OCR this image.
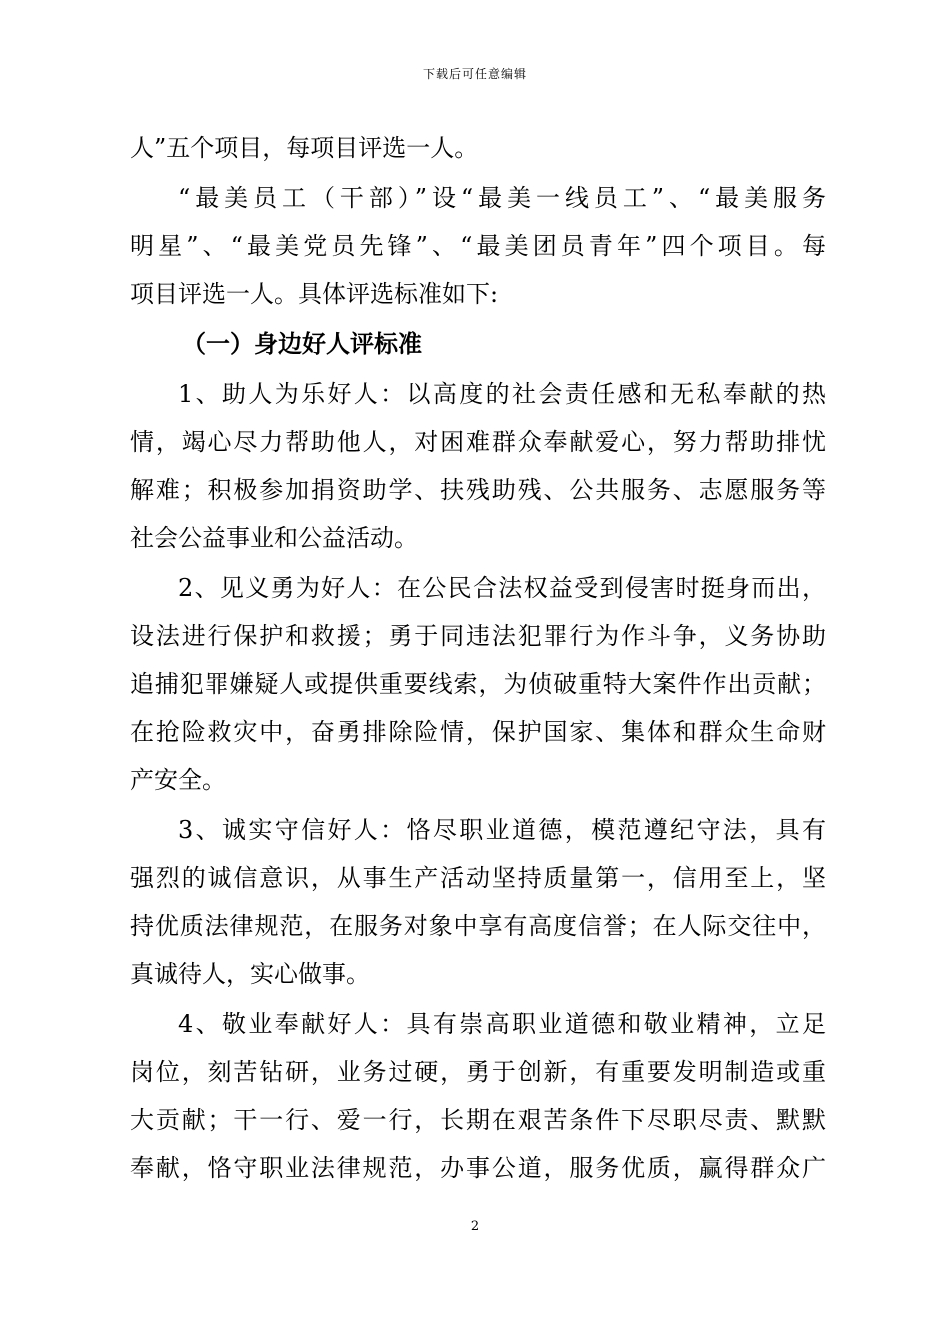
下载后可任意编辑
人”五个项目，每项目评选一人。
“最美员工（干部）”设“最美一线员工”、“最美服务
明星”、“最美党员先锋”、“最美团员青年”四个项目。每
项目评选一人。具体评选标准如下:
（一）身边好人评标准
1、助人为乐好人：以高度的社会责任感和无私奉献的热
情，竭心尽力帮助他人，对困难群众奉献爱心，努力帮助排忧
解难；积极参加捐资助学、扶残助残、公共服务、志愿服务等
社会公益事业和公益活动。
2、见义勇为好人：在公民合法权益受到侵害时挺身而出，
设法进行保护和救援；勇于同违法犯罪行为作斗争，义务协助
追捕犯罪嫌疑人或提供重要线索，为侦破重特大案件作出贡献；
在抢险救灾中，奋勇排除险情，保护国家、集体和群众生命财
产安全。
3、诚实守信好人：恪尽职业道德，模范遵纪守法，具有
强烈的诚信意识，从事生产活动坚持质量第一，信用至上，坚
持优质法律规范，在服务对象中享有高度信誉；在人际交往中，
真诚待人，实心做事。
4、敬业奉献好人：具有崇高职业道德和敬业精神，立足
岗位，刻苦钻研，业务过硬，勇于创新，有重要发明制造或重
大贡献；干一行、爱一行，长期在艰苦条件下尽职尽责、默默
奉献，恪守职业法律规范，办事公道，服务优质，赢得群众广
2
